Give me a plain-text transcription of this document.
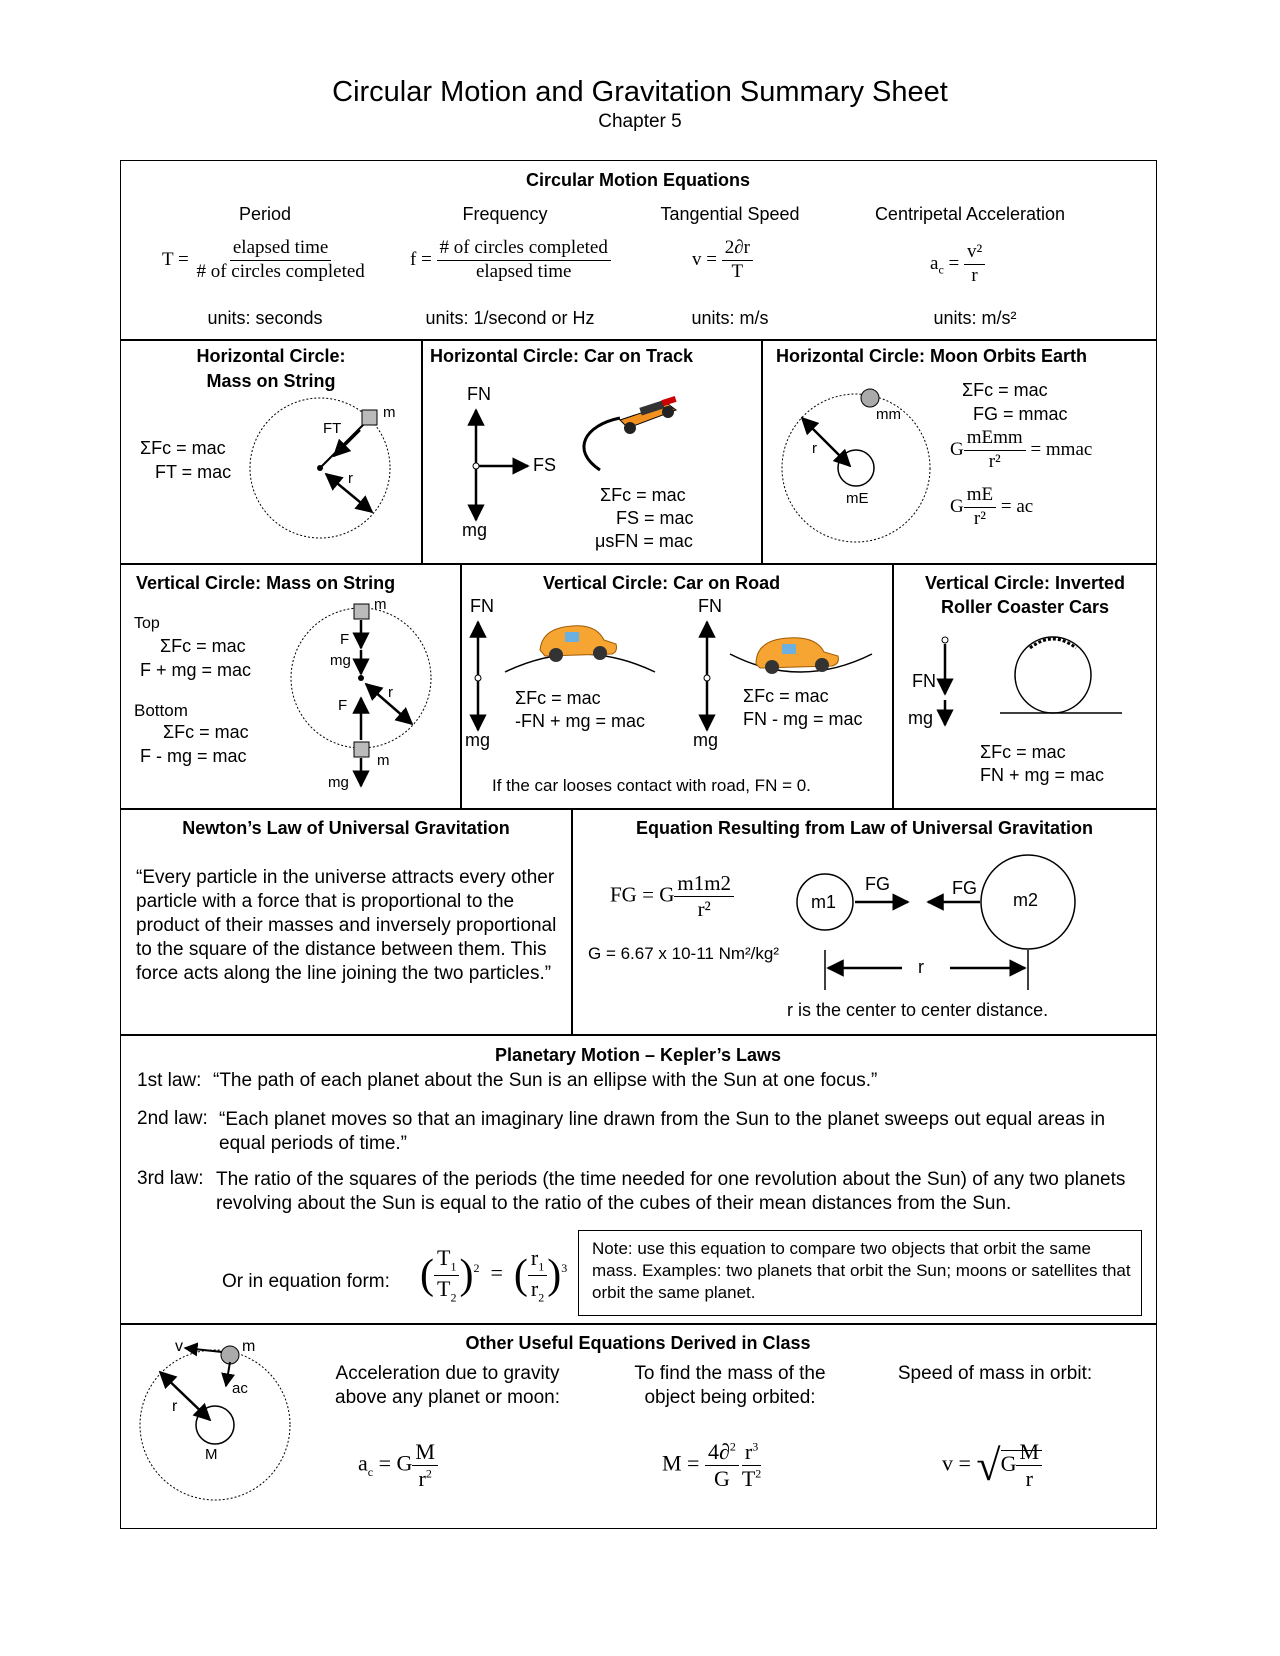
Circular Motion and Gravitation Summary Sheet
Chapter 5
Circular Motion Equations
Period	Frequency	Tangential Speed	Centripetal Acceleration
$T = \frac{\text{elapsed time}}{\text{\# of circles completed}}$ $f = \frac{\text{\# of circles completed}}{\text{elapsed time}}$	$v = \frac{2\partial r}{T}$	$a_c = \frac{\text{v²}}{r}$
units: seconds	units: 1/second or Hz	units: m/s	units: m/s²
Horizontal Circle:
Mass on String
ΣFc = mac
FT = mac
m
FT
r
Horizontal Circle: Car on Track
FN
FS
mg
ΣFc = mac
FS = mac
μsFN = mac
Horizontal Circle: Moon Orbits Earth
mm
r
mE
ΣFc = mac
FG = mmac
G $\frac{\text{mEmm}}{\text{r²}}$ = mmac
G $\frac{mE}{\text{r²}}$ = ac
Vertical Circle: Mass on String
Top
ΣFc = mac
F + mg = mac
Bottom
ΣFc = mac
F - mg = mac
m
F
mg
r
F
m
mg
Vertical Circle: Car on Road
FN
mg
FN
mg
ΣFc = mac
-FN + mg = mac
ΣFc = mac
FN - mg = mac
If the car looses contact with road, FN = 0.
Vertical Circle: Inverted
Roller Coaster Cars
FN
mg
ΣFc = mac
FN + mg = mac
Newton’s Law of Universal Gravitation
“Every particle in the universe attracts every other particle with a force that is proportional to the product of their masses and inversely proportional to the square of the distance between them. This force acts along the line joining the two particles.”
Equation Resulting from Law of Universal Gravitation
FG = G $\frac{m1m2}{\text{r²}}$
G = 6.67 x 10-11 Nm²/kg²
m1	m2
FG	FG
r
r is the center to center distance.
Planetary Motion – Kepler’s Laws
1st law: “The path of each planet about the Sun is an ellipse with the Sun at one focus.”
2nd law: “Each planet moves so that an imaginary line drawn from the Sun to the planet sweeps out equal areas in equal periods of time.”
3rd law: The ratio of the squares of the periods (the time needed for one revolution about the Sun) of any two planets revolving about the Sun is equal to the ratio of the cubes of their mean distances from the Sun.
Or in equation form: ( $\frac{T_1}{T_2} )^2$  =  ( $\frac{r_1}{r_2} )^3$
Note: use this equation to compare two objects that orbit the same mass. Examples: two planets that orbit the Sun; moons or satellites that orbit the same planet.
Other Useful Equations Derived in Class
Acceleration due to gravity above any planet or moon:
To find the mass of the object being orbited:
Speed of mass in orbit:
v	m
ac
r
M	$a_c = G \frac{M}{r^2}$	$M = \frac{4\partial^2}{G} \frac{r^3}{T^2}$	$v = √G \frac{M}{r}$
